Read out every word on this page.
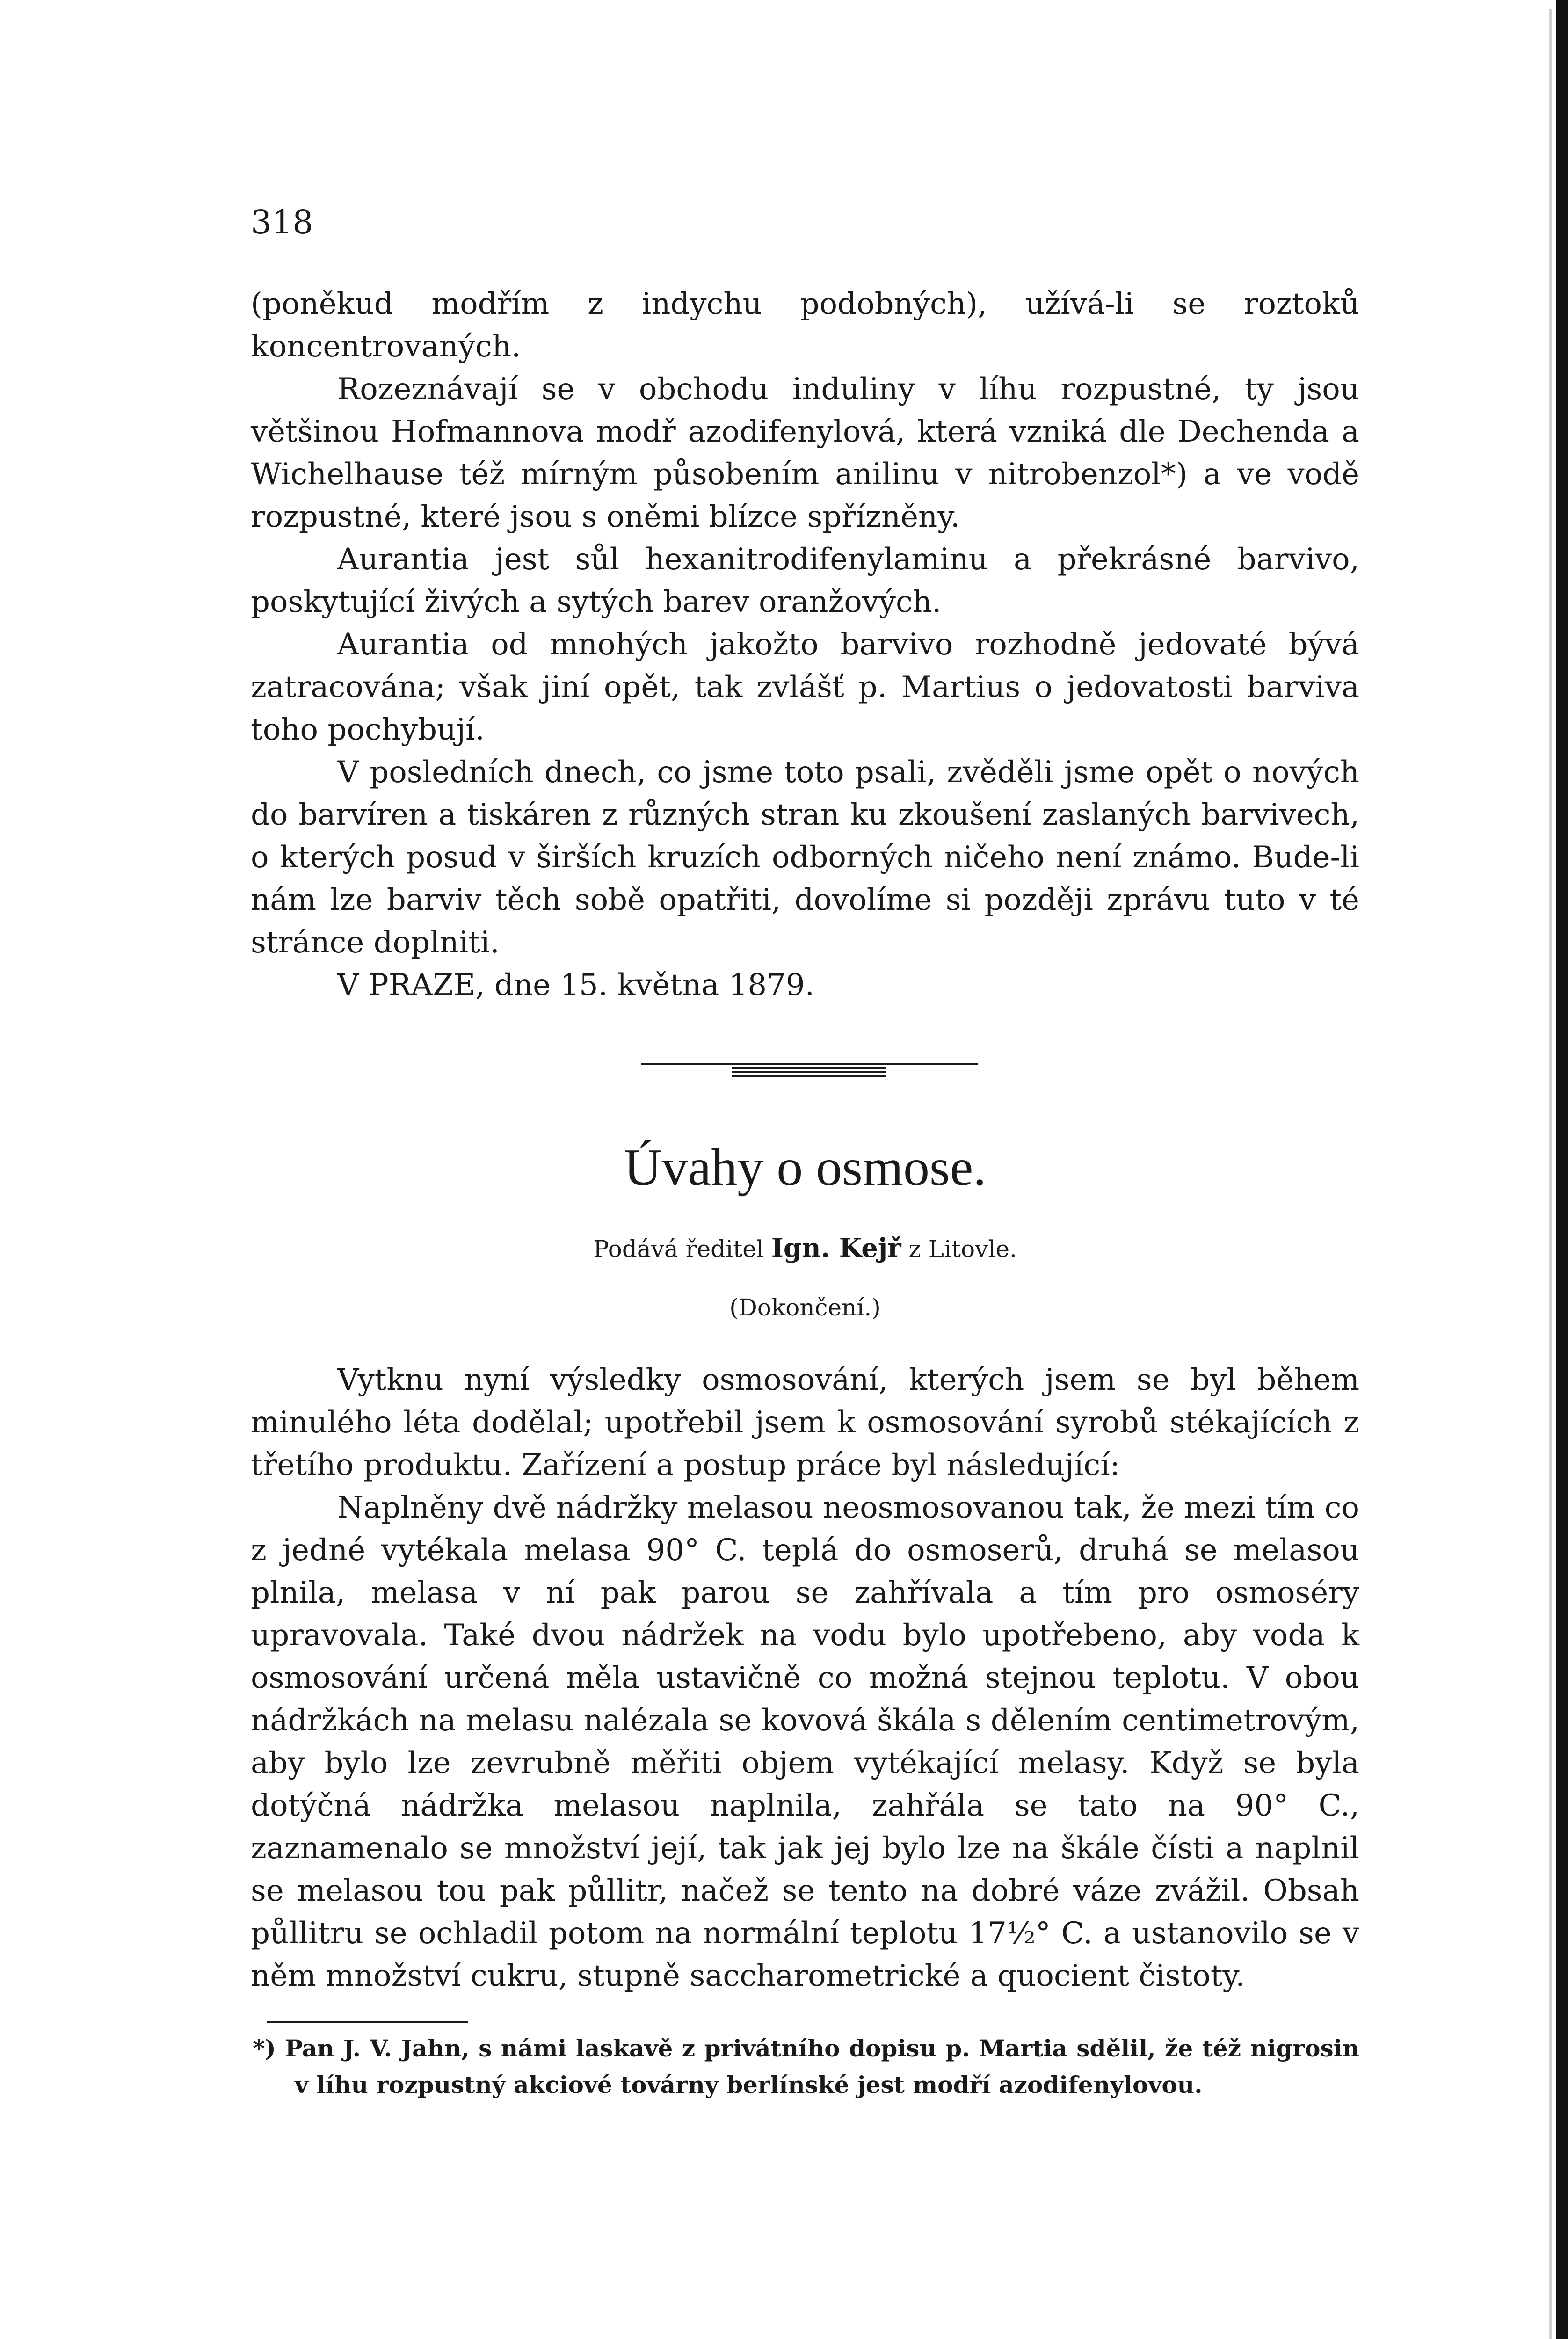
318

(poněkud modřím z indychu podobných), užívá-li se roztoků koncentrovaných.

Rozeznávají se v obchodu induliny v líhu rozpustné, ty jsou většinou Hofmannova modř azodifenylová, která vzniká dle Dechenda a Wichelhause též mírným působením anilinu v nitrobenzol*) a ve vodě rozpustné, které jsou s oněmi blízce spřízněny.

Aurantia jest sůl hexanitrodifenylaminu a překrásné barvivo, poskytující živých a sytých barev oranžových.

Aurantia od mnohých jakožto barvivo rozhodně jedovaté bývá zatracována; však jiní opět, tak zvlášť p. Martius o jedovatosti barviva toho pochybují.

V posledních dnech, co jsme toto psali, zvěděli jsme opět o nových do barvíren a tiskáren z různých stran ku zkoušení zaslaných barvivech, o kterých posud v širších kruzích odborných ničeho není známo. Bude-li nám lze barviv těch sobě opatřiti, dovolíme si později zprávu tuto v té stránce doplniti.

V PRAZE, dne 15. května 1879.

Úvahy o osmose.
Podává ředitel Ign. Kejř z Litovle.
(Dokončení.)

Vytknu nyní výsledky osmosování, kterých jsem se byl během minulého léta dodělal; upotřebil jsem k osmosování syrobů stékajících z třetího produktu. Zařízení a postup práce byl následující:

Naplněny dvě nádržky melasou neosmosovanou tak, že mezi tím co z jedné vytékala melasa 90° C. teplá do osmoserů, druhá se melasou plnila, melasa v ní pak parou se zahřívala a tím pro osmoséry upravovala. Také dvou nádržek na vodu bylo upotřebeno, aby voda k osmosování určená měla ustavičně co možná stejnou teplotu. V obou nádržkách na melasu nalézala se kovová škála s dělením centimetrovým, aby bylo lze zevrubně měřiti objem vytékající melasy. Když se byla dotýčná nádržka melasou naplnila, zahřála se tato na 90° C., zaznamenalo se množství její, tak jak jej bylo lze na škále čísti a naplnil se melasou tou pak půllitr, načež se tento na dobré váze zvážil. Obsah půllitru se ochladil potom na normální teplotu 17½° C. a ustanovilo se v něm množství cukru, stupně saccharometrické a quocient čistoty.

*) Pan J. V. Jahn, s námi laskavě z privátního dopisu p. Martia sdělil, že též nigrosin v líhu rozpustný akciové továrny berlínské jest modří azodifenylovou.
